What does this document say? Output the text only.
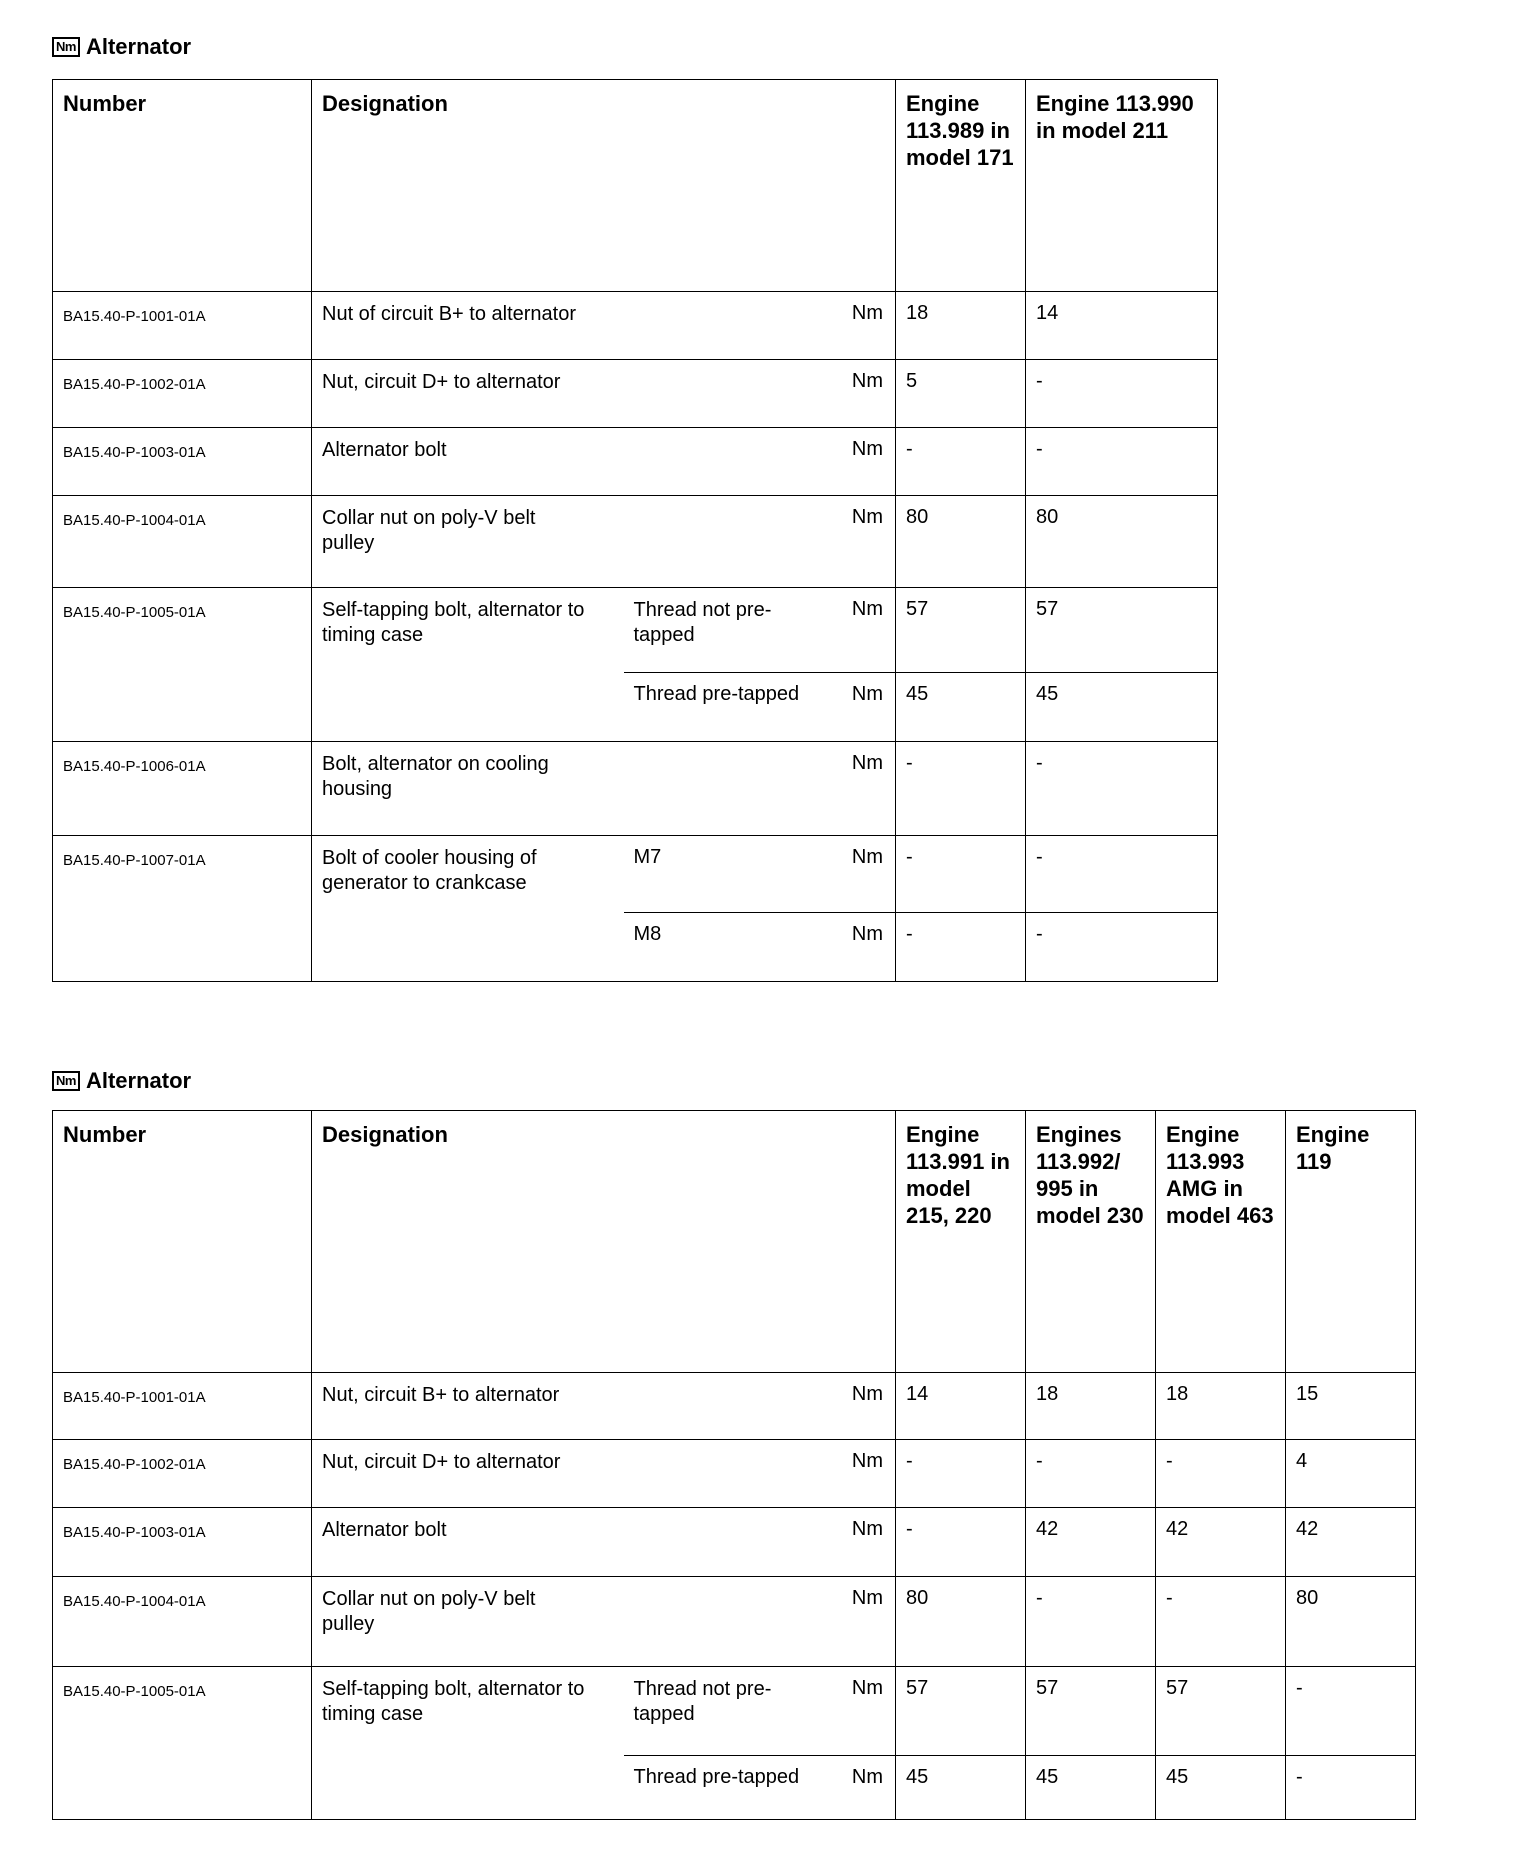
Nm Alternator
Number	Designation			Engine 113.989 in model 171	Engine 113.990 in model 211
BA15.40-P-1001-01A	Nut of circuit B+ to alternator		Nm	18	14
BA15.40-P-1002-01A	Nut, circuit D+ to alternator		Nm	5	-
BA15.40-P-1003-01A	Alternator bolt		Nm	-	-
BA15.40-P-1004-01A	Collar nut on poly-V belt pulley		Nm	80	80
BA15.40-P-1005-01A	Self-tapping bolt, alternator to timing case	Thread not pre-tapped	Nm	57	57
		Thread pre-tapped	Nm	45	45
BA15.40-P-1006-01A	Bolt, alternator on cooling housing		Nm	-	-
BA15.40-P-1007-01A	Bolt of cooler housing of generator to crankcase	M7	Nm	-	-
		M8	Nm	-	-
Nm Alternator
Number	Designation			Engine 113.991 in model 215, 220	Engines 113.992/ 995 in model 230	Engine 113.993 AMG in model 463	Engine 119
BA15.40-P-1001-01A	Nut, circuit B+ to alternator		Nm	14	18	18	15
BA15.40-P-1002-01A	Nut, circuit D+ to alternator		Nm	-	-	-	4
BA15.40-P-1003-01A	Alternator bolt		Nm	-	42	42	42
BA15.40-P-1004-01A	Collar nut on poly-V belt pulley		Nm	80	-	-	80
BA15.40-P-1005-01A	Self-tapping bolt, alternator to timing case	Thread not pre-tapped	Nm	57	57	57	-
		Thread pre-tapped	Nm	45	45	45	-
